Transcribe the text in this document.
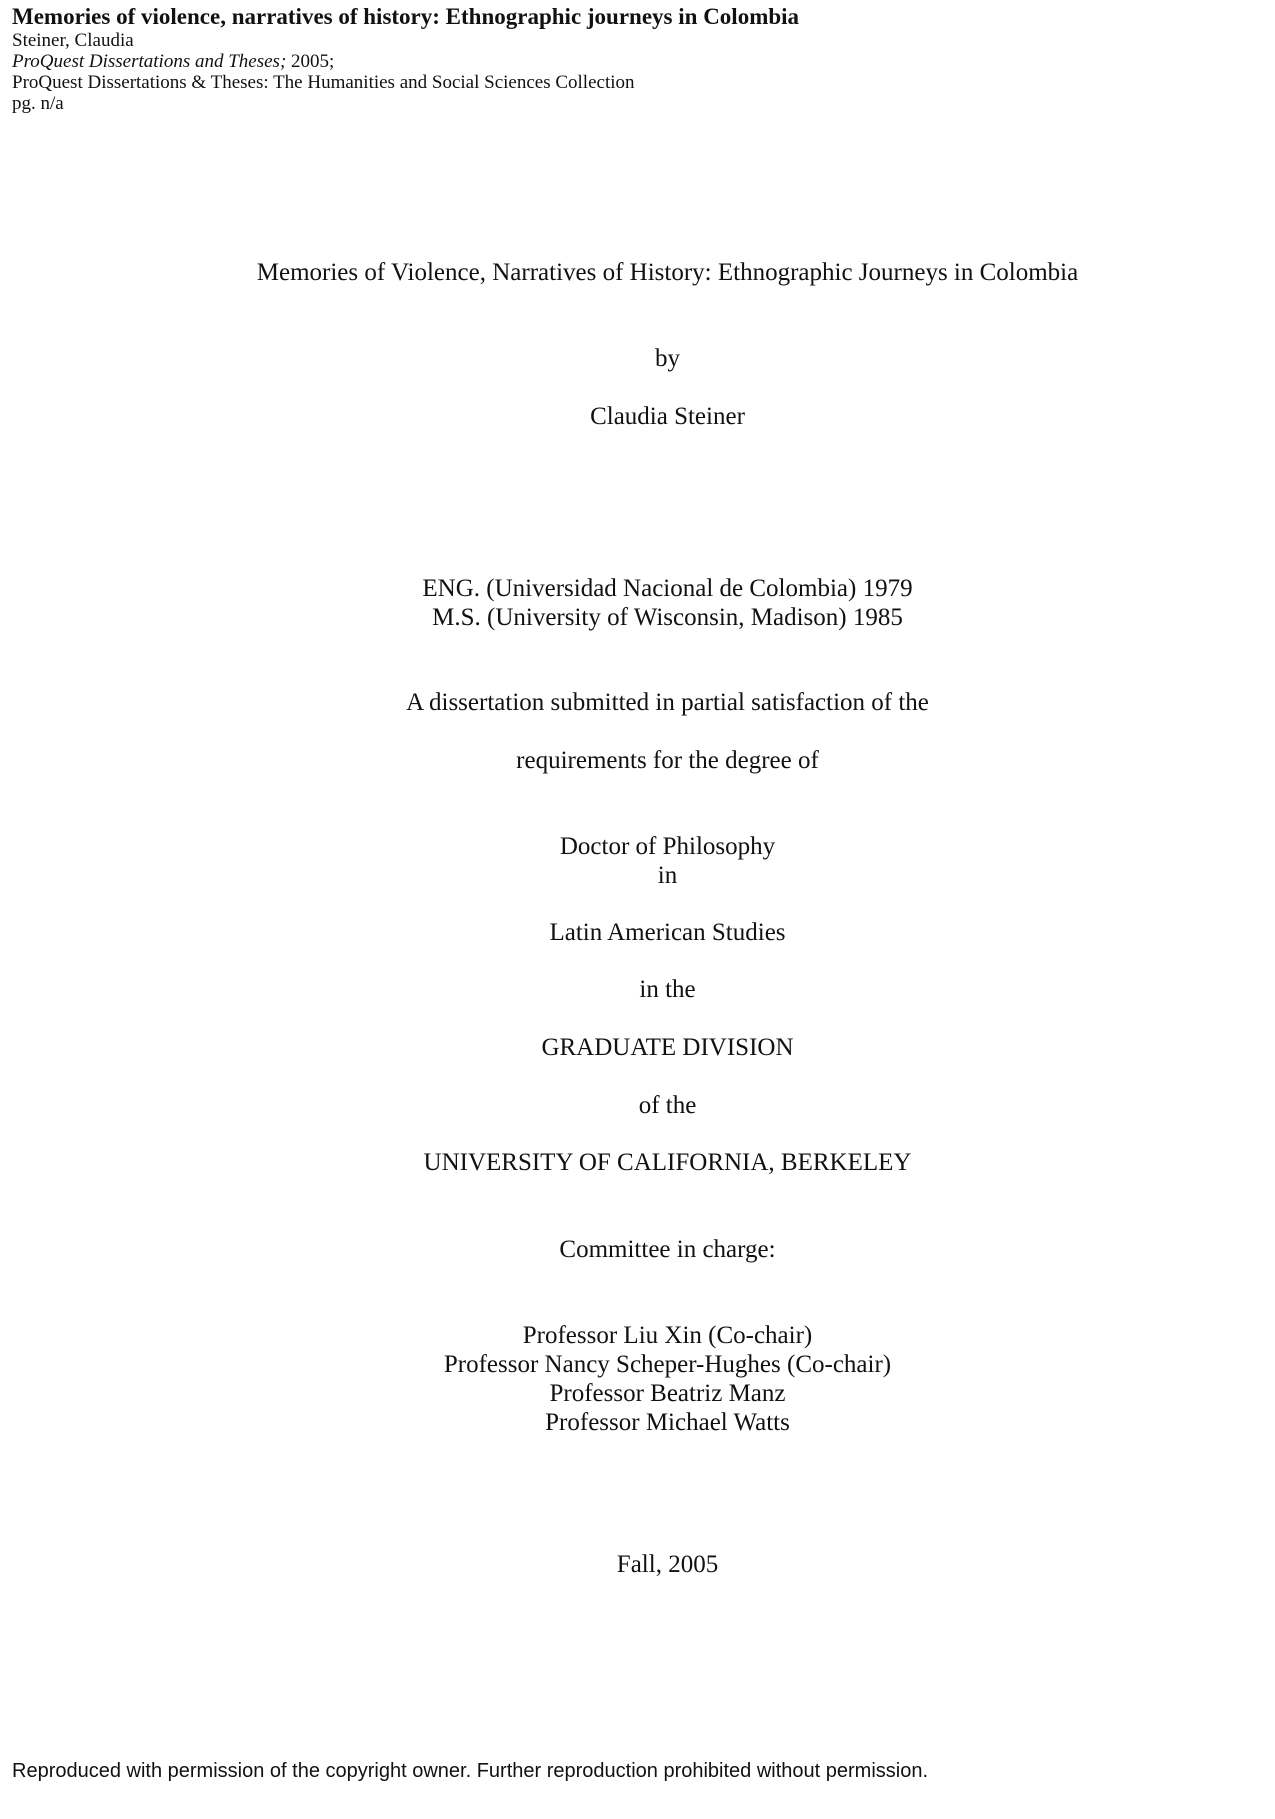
Memories of violence, narratives of history: Ethnographic journeys in Colombia
Steiner, Claudia
ProQuest Dissertations and Theses; 2005;
ProQuest Dissertations & Theses: The Humanities and Social Sciences Collection
pg. n/a
Memories of Violence, Narratives of History: Ethnographic Journeys in Colombia
by
Claudia Steiner
ENG. (Universidad Nacional de Colombia) 1979
M.S. (University of Wisconsin, Madison) 1985
A dissertation submitted in partial satisfaction of the
requirements for the degree of
Doctor of Philosophy
in
Latin American Studies
in the
GRADUATE DIVISION
of the
UNIVERSITY OF CALIFORNIA, BERKELEY
Committee in charge:
Professor Liu Xin (Co-chair)
Professor Nancy Scheper-Hughes (Co-chair)
Professor Beatriz Manz
Professor Michael Watts
Fall, 2005
Reproduced with permission of the copyright owner. Further reproduction prohibited without permission.
